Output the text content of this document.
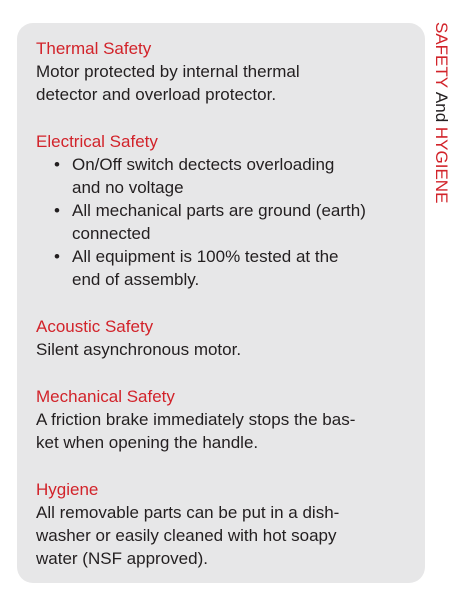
Thermal Safety

Motor protected by internal thermal
detector and overload protector.

Electrical Safety

• On/Off switch dectects overloading
and no voltage
• All mechanical parts are ground (earth)
connected
• All equipment is 100% tested at the
end of assembly.

Acoustic Safety

Silent asynchronous motor.

Mechanical Safety

A friction brake immediately stops the bas-
ket when opening the handle.

Hygiene

All removable parts can be put in a dish-
washer or easily cleaned with hot soapy
water (NSF approved).

SAFETY And HYGIENE
